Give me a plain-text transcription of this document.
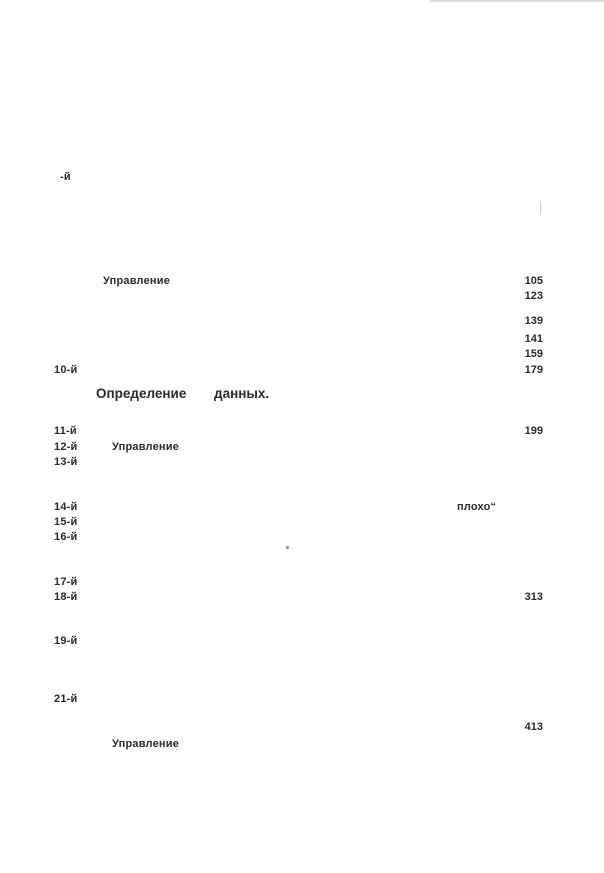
-й
10-й
11-й
12-й
13-й
14-й
15-й
16-й
17-й
18-й
19-й
21-й
Управление
Определение данных.
Управление
плохо“
Управление
105
123
139
141
159
179
199
313
413
